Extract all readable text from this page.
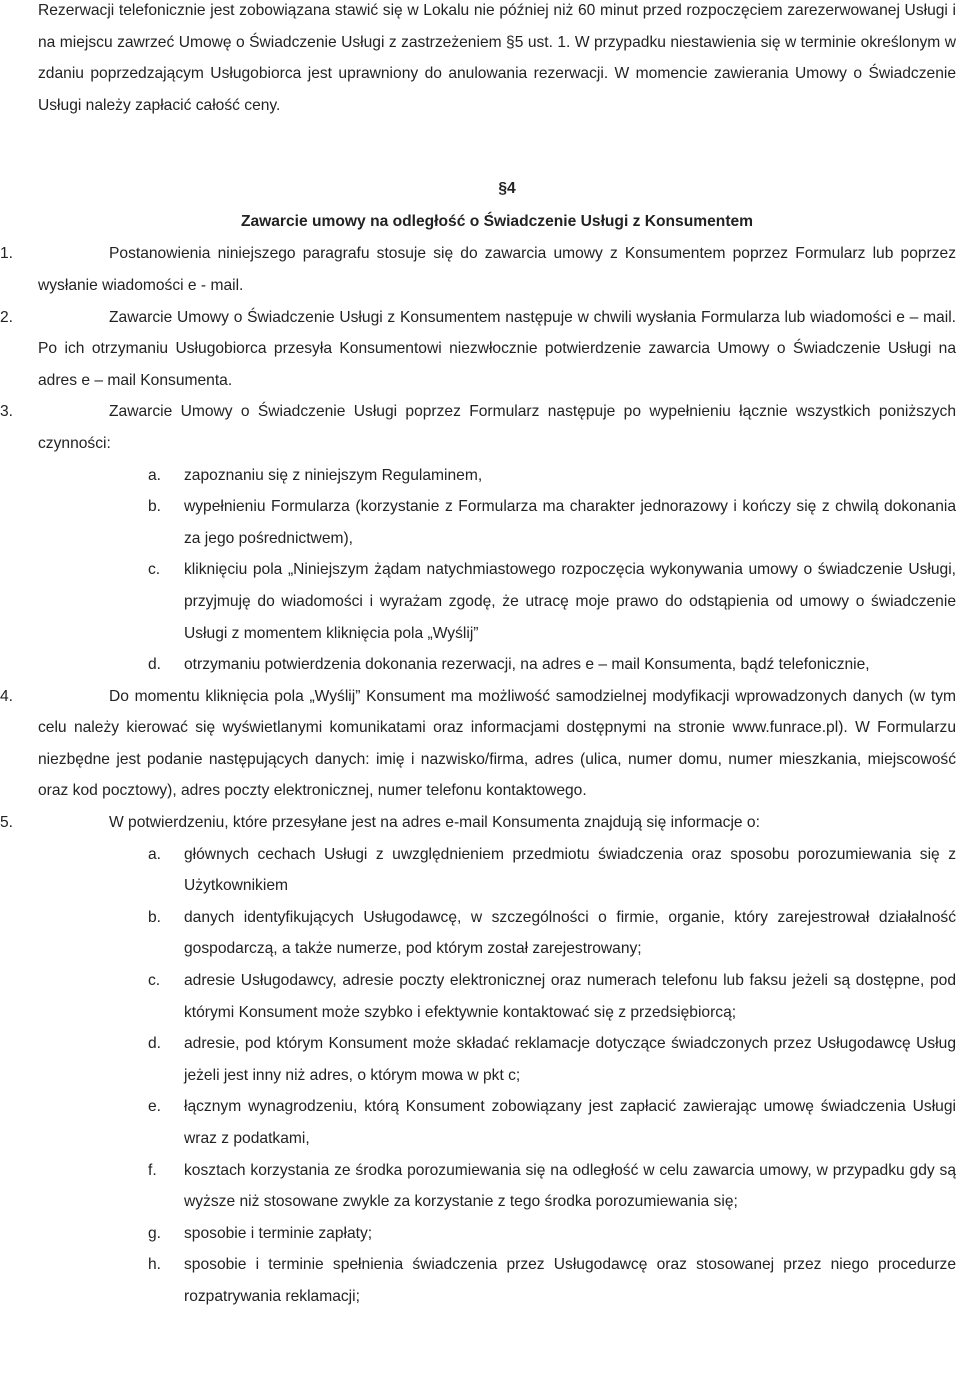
Rezerwacji telefonicznie jest zobowiązana stawić się w Lokalu nie później niż 60 minut przed rozpoczęciem zarezerwowanej Usługi i na miejscu zawrzeć Umowę o Świadczenie Usługi z zastrzeżeniem §5 ust. 1. W przypadku niestawienia się w terminie określonym w zdaniu poprzedzającym Usługobiorca jest uprawniony do anulowania rezerwacji. W momencie zawierania Umowy o Świadczenie Usługi należy zapłacić całość ceny.

§4

Zawarcie umowy na odległość o Świadczenie Usługi z Konsumentem

1.	Postanowienia niniejszego paragrafu stosuje się do zawarcia umowy z Konsumentem poprzez Formularz lub poprzez wysłanie wiadomości e - mail.

2.	Zawarcie Umowy o Świadczenie Usługi z Konsumentem następuje w chwili wysłania Formularza lub wiadomości e – mail. Po ich otrzymaniu Usługobiorca przesyła Konsumentowi niezwłocznie potwierdzenie zawarcia Umowy o Świadczenie Usługi na adres e – mail Konsumenta.

3.	Zawarcie Umowy o Świadczenie Usługi poprzez Formularz następuje po wypełnieniu łącznie wszystkich poniższych czynności:

a. zapoznaniu się z niniejszym Regulaminem,

b. wypełnieniu Formularza (korzystanie z Formularza ma charakter jednorazowy i kończy się z chwilą dokonania za jego pośrednictwem),

c. kliknięciu pola „Niniejszym żądam natychmiastowego rozpoczęcia wykonywania umowy o świadczenie Usługi, przyjmuję do wiadomości i wyrażam zgodę, że utracę moje prawo do odstąpienia od umowy o świadczenie Usługi z momentem kliknięcia pola „Wyślij”

d. otrzymaniu potwierdzenia dokonania rezerwacji, na adres e – mail Konsumenta, bądź telefonicznie,

4.	Do momentu kliknięcia pola „Wyślij” Konsument ma możliwość samodzielnej modyfikacji wprowadzonych danych (w tym celu należy kierować się wyświetlanymi komunikatami oraz informacjami dostępnymi na stronie www.funrace.pl). W Formularzu niezbędne jest podanie następujących danych: imię i nazwisko/firma, adres (ulica, numer domu, numer mieszkania, miejscowość oraz kod pocztowy), adres poczty elektronicznej, numer telefonu kontaktowego.

5.	W potwierdzeniu, które przesyłane jest na adres e-mail Konsumenta znajdują się informacje o:

a. głównych cechach Usługi z uwzględnieniem przedmiotu świadczenia oraz sposobu porozumiewania się z Użytkownikiem

b. danych identyfikujących Usługodawcę, w szczególności o firmie, organie, który zarejestrował działalność gospodarczą, a także numerze, pod którym został zarejestrowany;

c. adresie Usługodawcy, adresie poczty elektronicznej oraz numerach telefonu lub faksu jeżeli są dostępne, pod którymi Konsument może szybko i efektywnie kontaktować się z przedsiębiorcą;

d. adresie, pod którym Konsument może składać reklamacje dotyczące świadczonych przez Usługodawcę Usług jeżeli jest inny niż adres, o którym mowa w pkt c;

e. łącznym wynagrodzeniu, którą Konsument zobowiązany jest zapłacić zawierając umowę świadczenia Usługi wraz z podatkami,

f. kosztach korzystania ze środka porozumiewania się na odległość w celu zawarcia umowy, w przypadku gdy są wyższe niż stosowane zwykle za korzystanie z tego środka porozumiewania się;

g. sposobie i terminie zapłaty;

h. sposobie i terminie spełnienia świadczenia przez Usługodawcę oraz stosowanej przez niego procedurze rozpatrywania reklamacji;
